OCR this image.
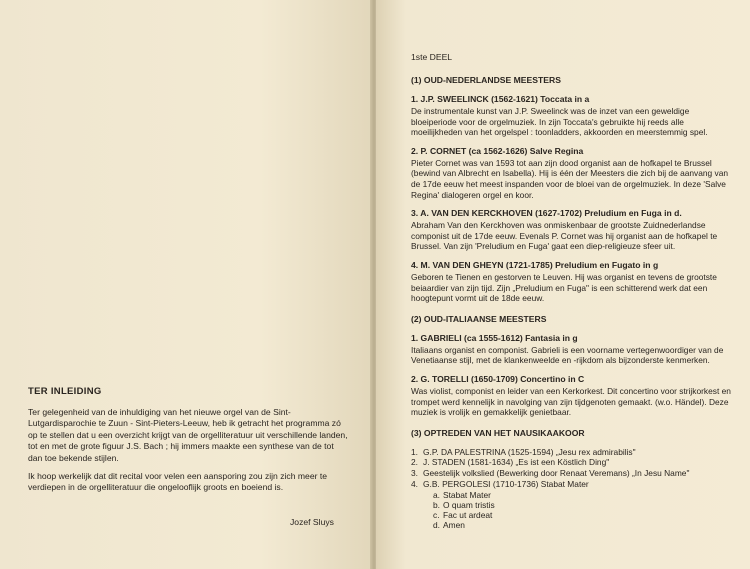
TER INLEIDING

Ter gelegenheid van de inhuldiging van het nieuwe orgel van de Sint-Lutgardisparochie te Zuun - Sint-Pieters-Leeuw, heb ik getracht het programma zó op te stellen dat u een overzicht krijgt van de orgelliteratuur uit verschillende landen, tot en met de grote figuur J.S. Bach ; hij immers maakte een synthese van de tot dan toe bekende stijlen.

Ik hoop werkelijk dat dit recital voor velen een aansporing zou zijn zich meer te verdiepen in de orgelliteratuur die ongelooflijk groots en boeiend is.

Jozef Sluys
1ste DEEL
(1) OUD-NEDERLANDSE MEESTERS
1. J.P. SWEELINCK (1562-1621) Toccata in a

De instrumentale kunst van J.P. Sweelinck was de inzet van een geweldige bloeiperiode voor de orgelmuziek. In zijn Toccata's gebruikte hij reeds alle moeilijkheden van het orgelspel : toonladders, akkoorden en meerstemmig spel.

2. P. CORNET (ca 1562-1626) Salve Regina

Pieter Cornet was van 1593 tot aan zijn dood organist aan de hofkapel te Brussel (bewind van Albrecht en Isabella). Hij is één der Meesters die zich bij de aanvang van de 17de eeuw het meest inspanden voor de bloei van de orgelmuziek. In deze 'Salve Regina' dialogeren orgel en koor.

3. A. VAN DEN KERCKHOVEN (1627-1702) Preludium en Fuga in d.

Abraham Van den Kerckhoven was onmiskenbaar de grootste Zuidnederlandse componist uit de 17de eeuw. Evenals P. Cornet was hij organist aan de hofkapel te Brussel. Van zijn 'Preludium en Fuga' gaat een diep-religieuze sfeer uit.

4. M. VAN DEN GHEYN (1721-1785) Preludium en Fugato in g

Geboren te Tienen en gestorven te Leuven. Hij was organist en tevens de grootste beiaardier van zijn tijd. Zijn „Preludium en Fuga" is een schitterend werk dat een hoogtepunt vormt uit de 18de eeuw.

(2) OUD-ITALIAANSE MEESTERS
1. GABRIELI (ca 1555-1612) Fantasia in g

Italiaans organist en componist. Gabrieli is een voorname vertegenwoordiger van de Venetiaanse stijl, met de klankenweelde en -rijkdom als bijzonderste kenmerken.

2. G. TORELLI (1650-1709) Concertino in C

Was violist, componist en leider van een Kerkorkest. Dit concertino voor strijkorkest en trompet werd kennelijk in navolging van zijn tijdgenoten gemaakt. (w.o. Händel). Deze muziek is vrolijk en gemakkelijk genietbaar.

(3) OPTREDEN VAN HET NAUSIKAAKOOR
1. G.P. DA PALESTRINA (1525-1594) „Jesu rex admirabilis"
2. J. STADEN (1581-1634) „Es ist een Köstlich Ding"
3. Geestelijk volkslied (Bewerking door Renaat Veremans) „In Jesu Name"
4. G.B. PERGOLESI (1710-1736) Stabat Mater
a. Stabat Mater
b. O quam tristis
c. Fac ut ardeat
d. Amen
